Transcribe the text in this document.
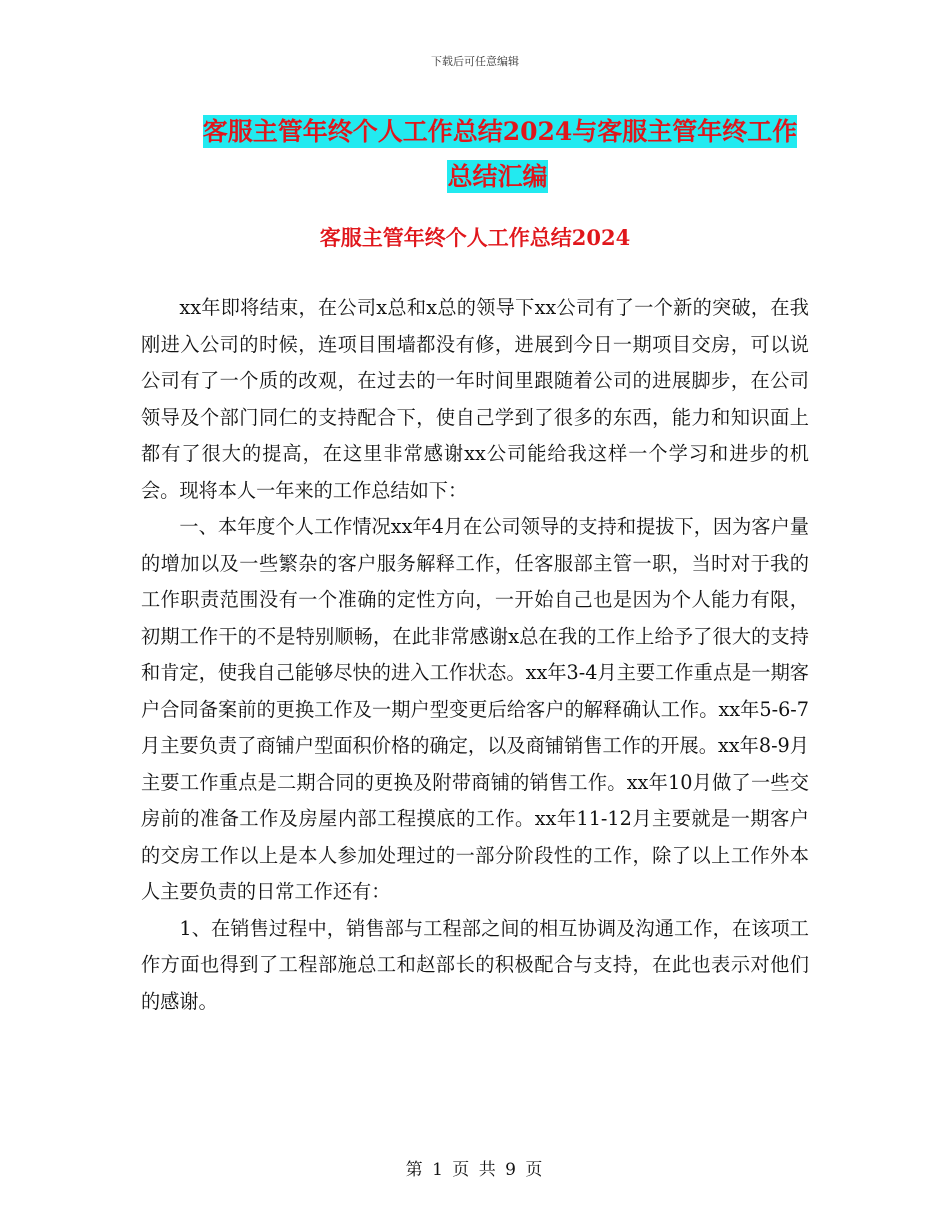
下载后可任意编辑
客服主管年终个人工作总结2024与客服主管年终工作
总结汇编
客服主管年终个人工作总结2024

xx年即将结束，在公司x总和x总的领导下xx公司有了一个新的突破，在我刚进入公司的时候，连项目围墙都没有修，进展到今日一期项目交房，可以说公司有了一个质的改观，在过去的一年时间里跟随着公司的进展脚步，在公司领导及个部门同仁的支持配合下，使自己学到了很多的东西，能力和知识面上都有了很大的提高，在这里非常感谢xx公司能给我这样一个学习和进步的机会。现将本人一年来的工作总结如下：

一、本年度个人工作情况xx年4月在公司领导的支持和提拔下，因为客户量的增加以及一些繁杂的客户服务解释工作，任客服部主管一职，当时对于我的工作职责范围没有一个准确的定性方向，一开始自己也是因为个人能力有限，初期工作干的不是特别顺畅，在此非常感谢x总在我的工作上给予了很大的支持和肯定，使我自己能够尽快的进入工作状态。xx年3-4月主要工作重点是一期客户合同备案前的更换工作及一期户型变更后给客户的解释确认工作。xx年5-6-7月主要负责了商铺户型面积价格的确定，以及商铺销售工作的开展。xx年8-9月主要工作重点是二期合同的更换及附带商铺的销售工作。xx年10月做了一些交房前的准备工作及房屋内部工程摸底的工作。xx年11-12月主要就是一期客户的交房工作以上是本人参加处理过的一部分阶段性的工作，除了以上工作外本人主要负责的日常工作还有：

1、在销售过程中，销售部与工程部之间的相互协调及沟通工作，在该项工作方面也得到了工程部施总工和赵部长的积极配合与支持，在此也表示对他们的感谢。

第 1 页 共 9 页
